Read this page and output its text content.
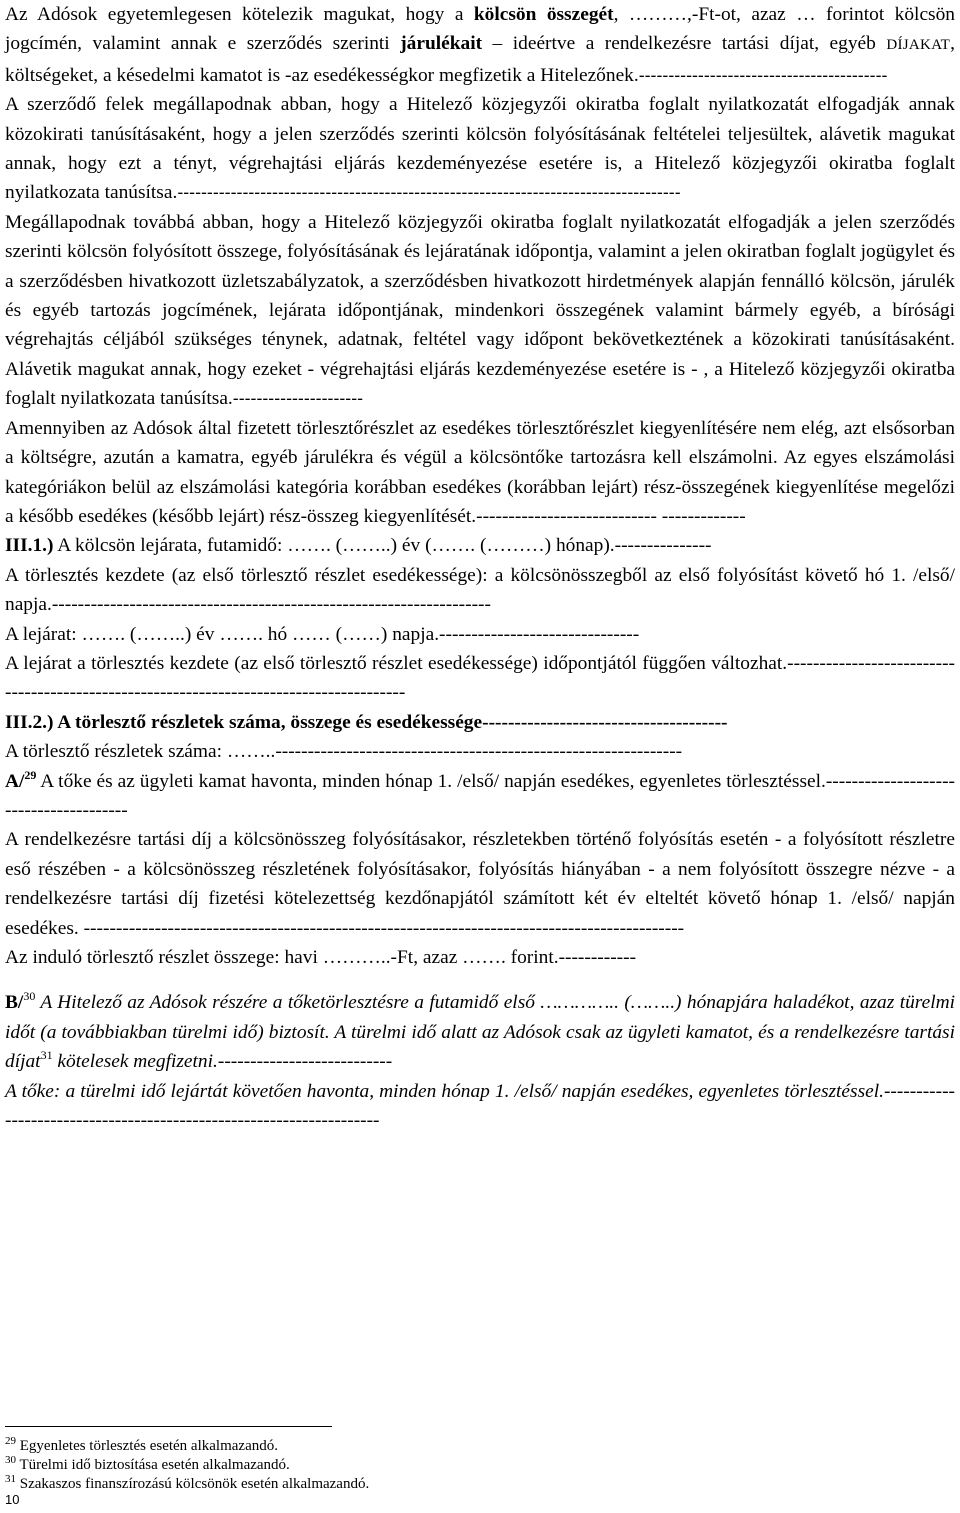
Az Adósok egyetemlegesen kötelezik magukat, hogy a kölcsön összegét, ………,-Ft-ot, azaz … forintot kölcsön jogcímén, valamint annak e szerződés szerinti járulékait – ideértve a rendelkezésre tartási díjat, egyéb DÍJAKAT, költségeket, a késedelmi kamatot is -az esedékességkor megfizetik a Hitelezőnek.------------------------------------------

A szerződő felek megállapodnak abban, hogy a Hitelező közjegyzői okiratba foglalt nyilatkozatát elfogadják annak közokirati tanúsításaként, hogy a jelen szerződés szerinti kölcsön folyósításának feltételei teljesültek, alávetik magukat annak, hogy ezt a tényt, végrehajtási eljárás kezdeményezése esetére is, a Hitelező közjegyzői okiratba foglalt nyilatkozata tanúsítsa.-------------------------------------------------------------------------------------

Megállapodnak továbbá abban, hogy a Hitelező közjegyzői okiratba foglalt nyilatkozatát elfogadják a jelen szerződés szerinti kölcsön folyósított összege, folyósításának és lejáratának időpontja, valamint a jelen okiratban foglalt jogügylet és a szerződésben hivatkozott üzletszabályzatok, a szerződésben hivatkozott hirdetmények alapján fennálló kölcsön, járulék és egyéb tartozás jogcímének, lejárata időpontjának, mindenkori összegének valamint bármely egyéb, a bírósági végrehajtás céljából szükséges ténynek, adatnak, feltétel vagy időpont bekövetkeztének a közokirati tanúsításaként. Alávetik magukat annak, hogy ezeket - végrehajtási eljárás kezdeményezése esetére is - , a Hitelező közjegyzői okiratba foglalt nyilatkozata tanúsítsa.----------------------

Amennyiben az Adósok által fizetett törlesztőrészlet az esedékes törlesztőrészlet kiegyenlítésére nem elég, azt elsősorban a költségre, azután a kamatra, egyéb járulékra és végül a kölcsöntőke tartozásra kell elszámolni. Az egyes elszámolási kategóriákon belül az elszámolási kategória korábban esedékes (korábban lejárt) rész-összegének kiegyenlítése megelőzi a később esedékes (később lejárt) rész-összeg kiegyenlítését.---------------------------- -------------

III.1.) A kölcsön lejárata, futamidő: ……. (……..) év (……. (………) hónap).---------------

A törlesztés kezdete (az első törlesztő részlet esedékessége): a kölcsönösszegből az első folyósítást követő hó 1. /első/ napja.--------------------------------------------------------------------

A lejárat: ……. (……..) év ……. hó …… (……) napja.-------------------------------

A lejárat a törlesztés kezdete (az első törlesztő részlet esedékessége) időpontjától függően változhat.----------------------------------------------------------------------------------------

III.2.) A törlesztő részletek száma, összege és esedékessége--------------------------------------

A törlesztő részletek száma: ……..---------------------------------------------------------------

A/$^{29}$ A tőke és az ügyleti kamat havonta, minden hónap 1. /első/ napján esedékes, egyenletes törlesztéssel.---------------------------------------

A rendelkezésre tartási díj a kölcsönösszeg folyósításakor, részletekben történő folyósítás esetén - a folyósított részletre eső részében - a kölcsönösszeg részletének folyósításakor, folyósítás hiányában - a nem folyósított összegre nézve - a rendelkezésre tartási díj fizetési kötelezettség kezdőnapjától számított két év elteltét követő hónap 1. /első/ napján esedékes. ---------------------------------------------------------------------------------------------

Az induló törlesztő részlet összege: havi ………..-Ft, azaz ……. forint.------------

B/$^{30}$ A Hitelező az Adósok részére a tőketörlesztésre a futamidő első ………….. (……..) hónapjára haladékot, azaz türelmi időt (a továbbiakban türelmi idő) biztosít. A türelmi idő alatt az Adósok csak az ügyleti kamatot, és a rendelkezésre tartási díjat$^{31}$ kötelesek megfizetni.---------------------------

A tőke: a türelmi idő lejártát követően havonta, minden hónap 1. /első/ napján esedékes, egyenletes törlesztéssel.---------------------------------------------------------------------

$^{29}$ Egyenletes törlesztés esetén alkalmazandó.
$^{30}$ Türelmi idő biztosítása esetén alkalmazandó.
$^{31}$ Szakaszos finanszírozású kölcsönök esetén alkalmazandó.
10
